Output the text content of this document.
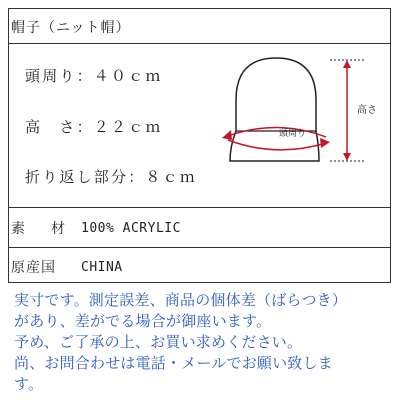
帽子（ニット帽）
頭周り：４０ｃｍ
高　さ：２２ｃｍ
折り返し部分：８ｃｍ
高さ
頭周り
素　材 100% ACRYLIC
原産国 CHINA
実寸です。測定誤差、商品の個体差（ばらつき）
があり、差がでる場合が御座います。
予め、ご了承の上、お買い求めください。
尚、お問合わせは電話・メールでお願い致しま
す。
